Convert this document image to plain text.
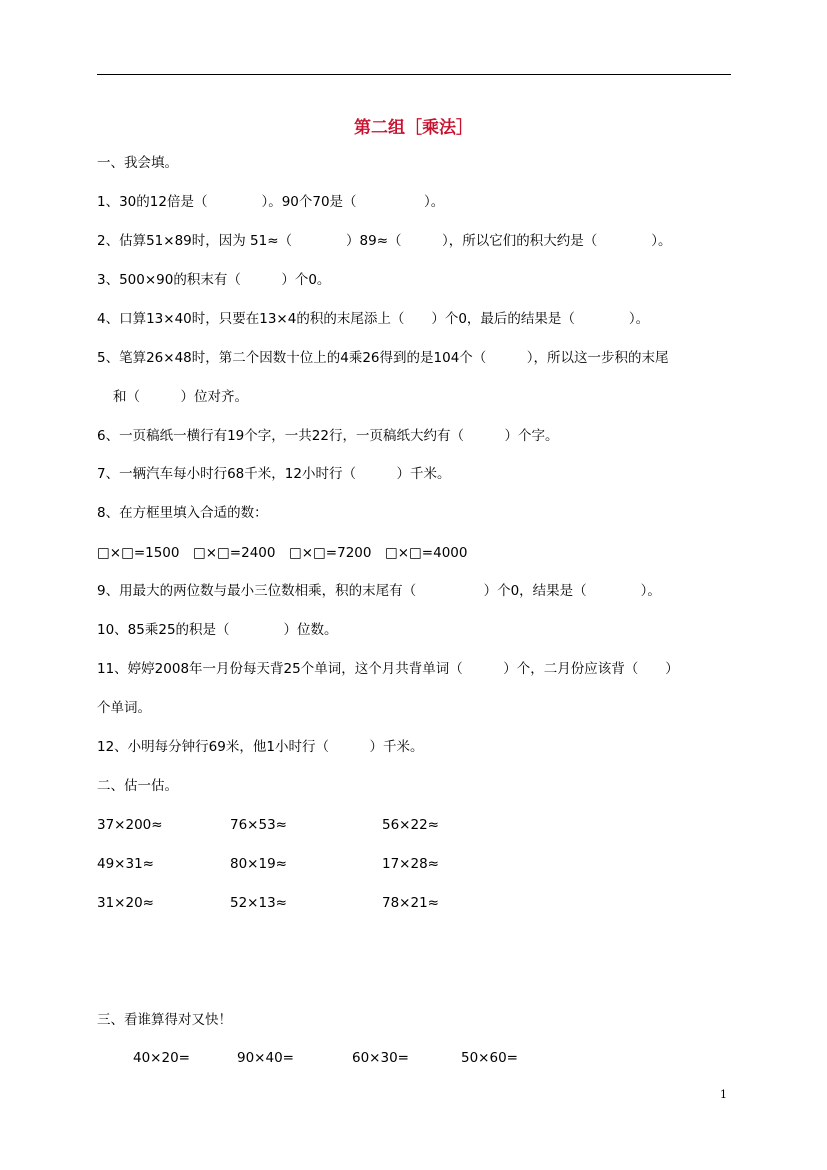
第二组［乘法］
一、我会填。
1、30的12倍是（　　　　）。90个70是（　　　　　）。
2、估算51×89时，因为 51≈（　　　　）89≈（　　　），所以它们的积大约是（　　　　）。
3、500×90的积末有（　　　）个0。
4、口算13×40时，只要在13×4的积的末尾添上（　　）个0，最后的结果是（　　　　）。
5、笔算26×48时，第二个因数十位上的4乘26得到的是104个（　　　），所以这一步积的末尾
和（　　　）位对齐。
6、一页稿纸一横行有19个字，一共22行，一页稿纸大约有（　　　）个字。
7、一辆汽车每小时行68千米，12小时行（　　　）千米。
8、在方框里填入合适的数：
□×□=1500　□×□=2400　□×□=7200　□×□=4000
9、用最大的两位数与最小三位数相乘，积的末尾有（　　　　　）个0，结果是（　　　　）。
10、85乘25的积是（　　　　）位数。
11、婷婷2008年一月份每天背25个单词，这个月共背单词（　　　）个，二月份应该背（　　）
个单词。
12、小明每分钟行69米，他1小时行（　　　）千米。
二、估一估。
37×200≈	76×53≈	56×22≈
49×31≈	80×19≈	17×28≈
31×20≈	52×13≈	78×21≈
三、看谁算得对又快！
40×20=	90×40=	60×30=	50×60=
1
